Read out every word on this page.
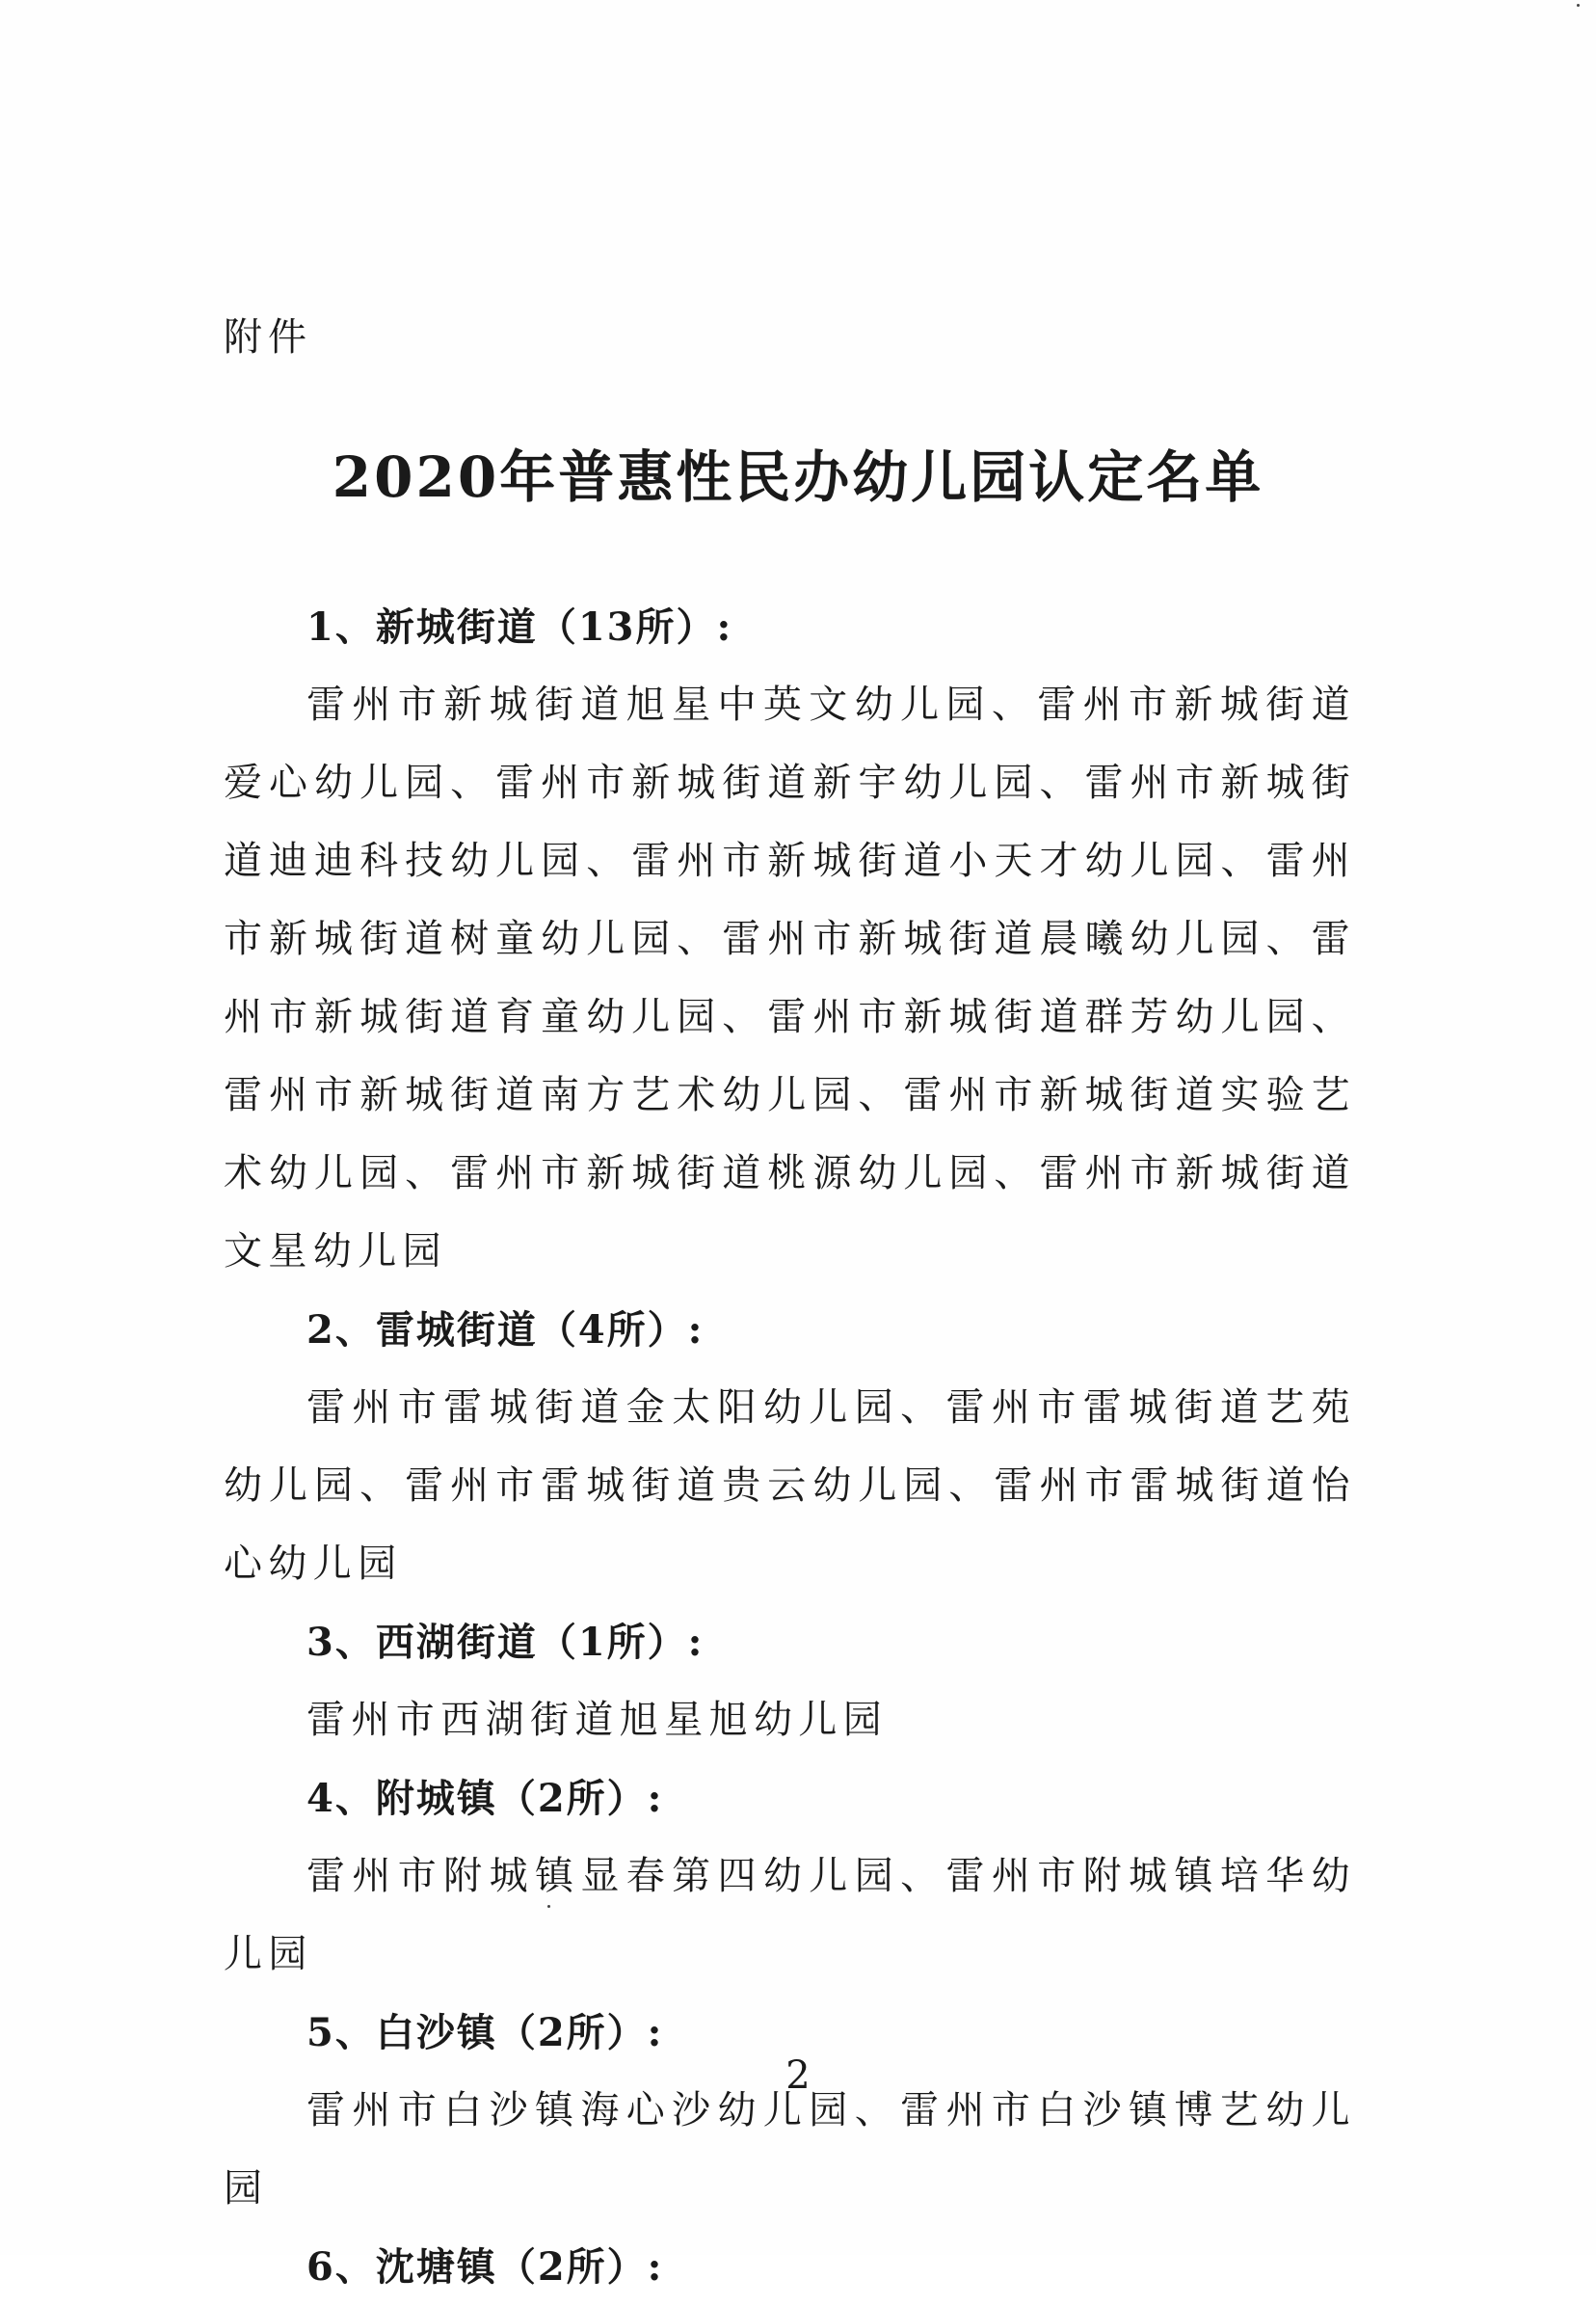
附件
2020年普惠性民办幼儿园认定名单
1、新城街道（13所）:

雷州市新城街道旭星中英文幼儿园、雷州市新城街道爱心幼儿园、雷州市新城街道新宇幼儿园、雷州市新城街道迪迪科技幼儿园、雷州市新城街道小天才幼儿园、雷州市新城街道树童幼儿园、雷州市新城街道晨曦幼儿园、雷州市新城街道育童幼儿园、雷州市新城街道群芳幼儿园、雷州市新城街道南方艺术幼儿园、雷州市新城街道实验艺术幼儿园、雷州市新城街道桃源幼儿园、雷州市新城街道文星幼儿园

2、雷城街道（4所）:

雷州市雷城街道金太阳幼儿园、雷州市雷城街道艺苑幼儿园、雷州市雷城街道贵云幼儿园、雷州市雷城街道怡心幼儿园

3、西湖街道（1所）:

雷州市西湖街道旭星旭幼儿园

4、附城镇（2所）:

雷州市附城镇显春第四幼儿园、雷州市附城镇培华幼儿园

5、白沙镇（2所）:

雷州市白沙镇海心沙幼儿园、雷州市白沙镇博艺幼儿园

6、沈塘镇（2所）:
2
